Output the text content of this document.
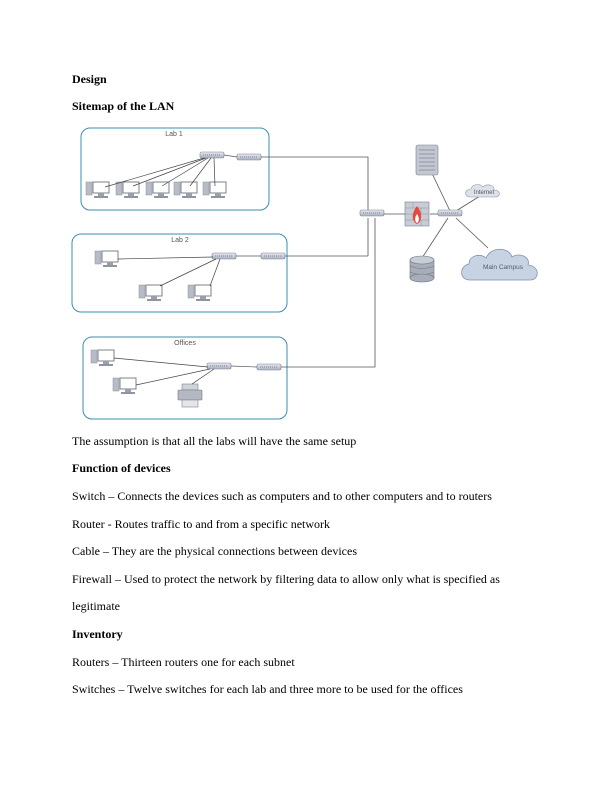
Design
Sitemap of the LAN
Lab 1
Lab 2
Offices
Internet
Main Campus
The assumption is that all the labs will have the same setup
Function of devices
Switch – Connects the devices such as computers and to other computers and to routers
Router - Routes traffic to and from a specific network
Cable – They are the physical connections between devices
Firewall – Used to protect the network by filtering data to allow only what is specified as
legitimate
Inventory
Routers – Thirteen routers one for each subnet
Switches – Twelve switches for each lab and three more to be used for the offices
